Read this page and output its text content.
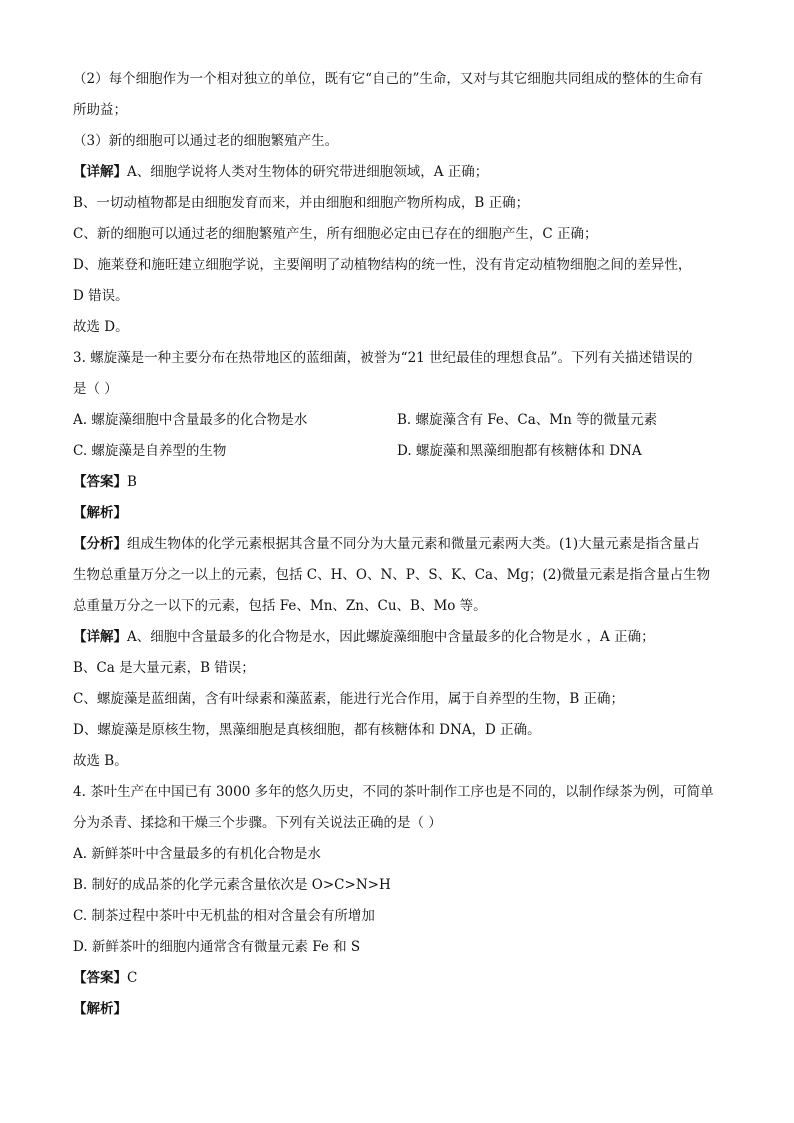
（2）每个细胞作为一个相对独立的单位，既有它“自己的”生命，又对与其它细胞共同组成的整体的生命有
所助益；
（3）新的细胞可以通过老的细胞繁殖产生。
【详解】A、细胞学说将人类对生物体的研究带进细胞领域，A 正确；
B、一切动植物都是由细胞发育而来，并由细胞和细胞产物所构成，B 正确；
C、新的细胞可以通过老的细胞繁殖产生，所有细胞必定由已存在的细胞产生，C 正确；
D、施莱登和施旺建立细胞学说，主要阐明了动植物结构的统一性，没有肯定动植物细胞之间的差异性，
D 错误。
故选 D。
3. 螺旋藻是一种主要分布在热带地区的蓝细菌，被誉为“21 世纪最佳的理想食品”。下列有关描述错误的
是（ ）
A. 螺旋藻细胞中含量最多的化合物是水	B. 螺旋藻含有 Fe、Ca、Mn 等的微量元素
C. 螺旋藻是自养型的生物	D. 螺旋藻和黑藻细胞都有核糖体和 DNA
【答案】B
【解析】
【分析】组成生物体的化学元素根据其含量不同分为大量元素和微量元素两大类。(1)大量元素是指含量占
生物总重量万分之一以上的元素，包括 C、H、O、N、P、S、K、Ca、Mg；(2)微量元素是指含量占生物
总重量万分之一以下的元素，包括 Fe、Mn、Zn、Cu、B、Mo 等。
【详解】A、细胞中含量最多的化合物是水，因此螺旋藻细胞中含量最多的化合物是水 ，A 正确；
B、Ca 是大量元素，B 错误；
C、螺旋藻是蓝细菌，含有叶绿素和藻蓝素，能进行光合作用，属于自养型的生物，B 正确；
D、螺旋藻是原核生物，黑藻细胞是真核细胞，都有核糖体和 DNA，D 正确。
故选 B。
4. 茶叶生产在中国已有 3000 多年的悠久历史，不同的茶叶制作工序也是不同的，以制作绿茶为例，可简单
分为杀青、揉捻和干燥三个步骤。下列有关说法正确的是（ ）
A. 新鲜茶叶中含量最多的有机化合物是水
B. 制好的成品茶的化学元素含量依次是 O>C>N>H
C. 制茶过程中茶叶中无机盐的相对含量会有所增加
D. 新鲜茶叶的细胞内通常含有微量元素 Fe 和 S
【答案】C
【解析】
